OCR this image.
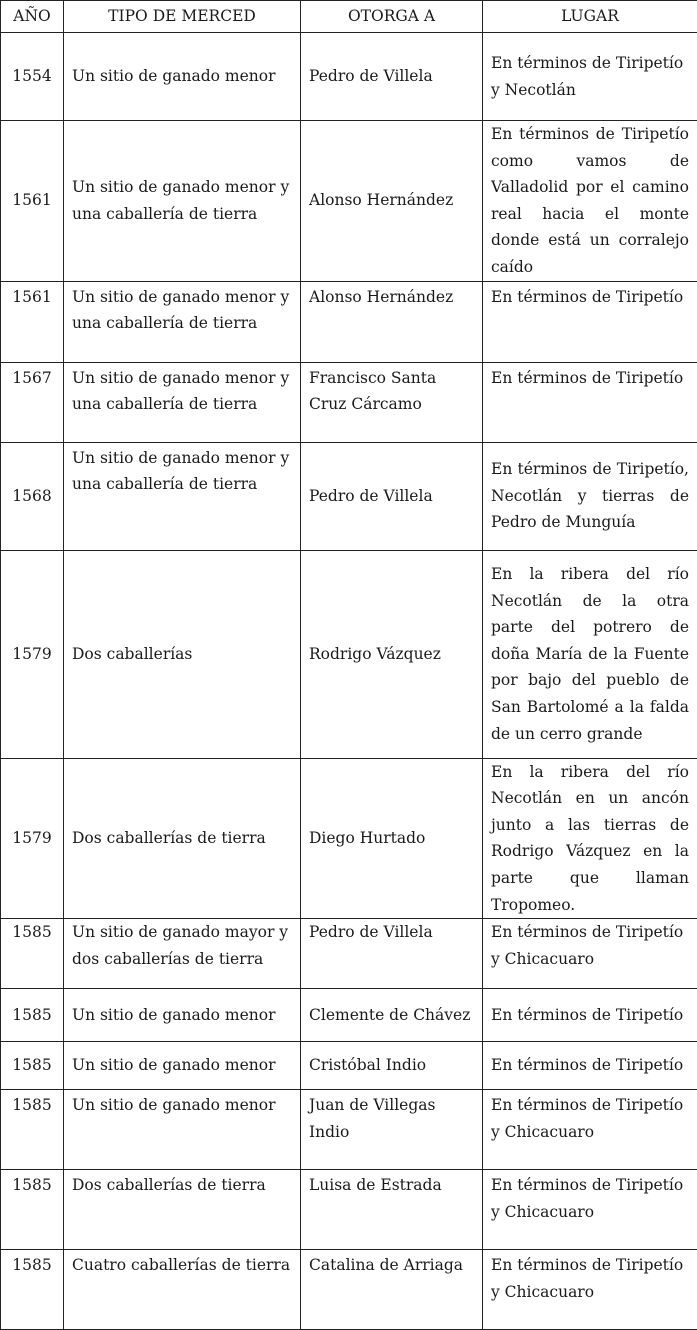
AÑO	TIPO DE MERCED	OTORGA A	LUGAR
1554	Un sitio de ganado menor	Pedro de Villela	En términos de Tiripetío y Necotlán
1561	Un sitio de ganado menor y una caballería de tierra	Alonso Hernández	En términos de Tiripetío como vamos de Valladolid por el camino real hacia el monte donde está un corralejo caído
1561	Un sitio de ganado menor y una caballería de tierra	Alonso Hernández	En términos de Tiripetío
1567	Un sitio de ganado menor y una caballería de tierra	Francisco Santa Cruz Cárcamo	En términos de Tiripetío
1568	Un sitio de ganado menor y una caballería de tierra	Pedro de Villela	En términos de Tiripetío, Necotlán y tierras de Pedro de Munguía
1579	Dos caballerías	Rodrigo Vázquez	En la ribera del río Necotlán de la otra parte del potrero de doña María de la Fuente por bajo del pueblo de San Bartolomé a la falda de un cerro grande
1579	Dos caballerías de tierra	Diego Hurtado	En la ribera del río Necotlán en un ancón junto a las tierras de Rodrigo Vázquez en la parte que llaman Tropomeo.
1585	Un sitio de ganado mayor y dos caballerías de tierra	Pedro de Villela	En términos de Tiripetío y Chicacuaro
1585	Un sitio de ganado menor	Clemente de Chávez	En términos de Tiripetío
1585	Un sitio de ganado menor	Cristóbal Indio	En términos de Tiripetío
1585	Un sitio de ganado menor	Juan de Villegas Indio	En términos de Tiripetío y Chicacuaro
1585	Dos caballerías de tierra	Luisa de Estrada	En términos de Tiripetío y Chicacuaro
1585	Cuatro caballerías de tierra	Catalina de Arriaga	En términos de Tiripetío y Chicacuaro
